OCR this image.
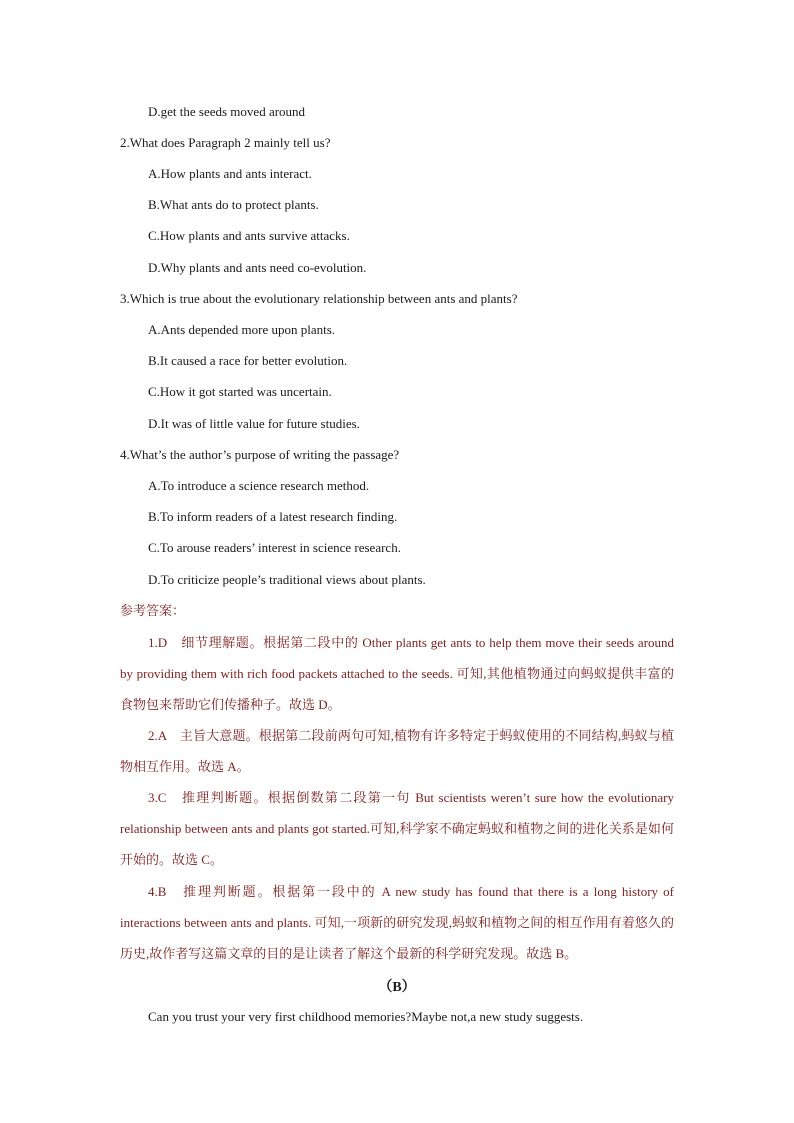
D.get the seeds moved around
2.What does Paragraph 2 mainly tell us?
A.How plants and ants interact.
B.What ants do to protect plants.
C.How plants and ants survive attacks.
D.Why plants and ants need co-evolution.
3.Which is true about the evolutionary relationship between ants and plants?
A.Ants depended more upon plants.
B.It caused a race for better evolution.
C.How it got started was uncertain.
D.It was of little value for future studies.
4.What’s the author’s purpose of writing the passage?
A.To introduce a science research method.
B.To inform readers of a latest research finding.
C.To arouse readers’ interest in science research.
D.To criticize people’s traditional views about plants.
参考答案：
1.D　细节理解题。根据第二段中的 Other plants get ants to help them move their seeds around by providing them with rich food packets attached to the seeds. 可知,其他植物通过向蚂蚁提供丰富的食物包来帮助它们传播种子。故选 D。
2.A　主旨大意题。根据第二段前两句可知,植物有许多特定于蚂蚁使用的不同结构,蚂蚁与植物相互作用。故选 A。
3.C　推理判断题。根据倒数第二段第一句 But scientists weren’t sure how the evolutionary relationship between ants and plants got started.可知,科学家不确定蚂蚁和植物之间的进化关系是如何开始的。故选 C。
4.B　推理判断题。根据第一段中的 A new study has found that there is a long history of interactions between ants and plants. 可知,一项新的研究发现,蚂蚁和植物之间的相互作用有着悠久的历史,故作者写这篇文章的目的是让读者了解这个最新的科学研究发现。故选 B。
（B）
Can you trust your very first childhood memories?Maybe not,a new study suggests.
